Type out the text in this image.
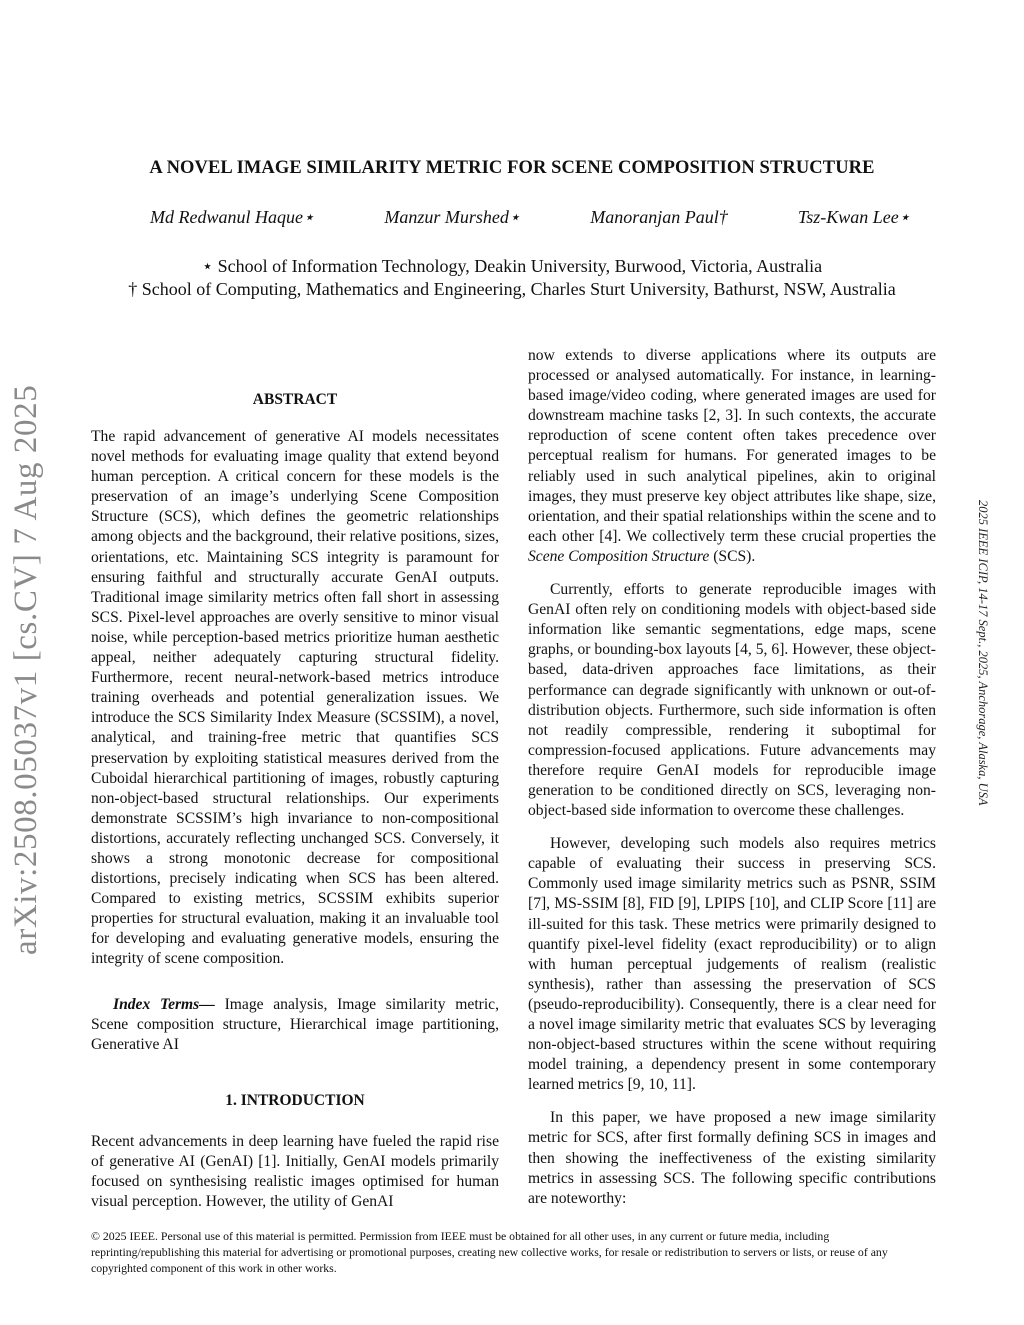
arXiv:2508.05037v1 [cs.CV] 7 Aug 2025	2025 IEEE ICIP, 14-17 Sept., 2025, Anchorage, Alaska, USA
A NOVEL IMAGE SIMILARITY METRIC FOR SCENE COMPOSITION STRUCTURE
Md Redwanul Haque⋆	Manzur Murshed⋆	Manoranjan Paul†	Tsz-Kwan Lee⋆
⋆ School of Information Technology, Deakin University, Burwood, Victoria, Australia
† School of Computing, Mathematics and Engineering, Charles Sturt University, Bathurst, NSW, Australia
ABSTRACT

The rapid advancement of generative AI models necessitates novel methods for evaluating image quality that extend beyond human perception. A critical concern for these models is the preservation of an image’s underlying Scene Composition Structure (SCS), which defines the geometric relationships among objects and the background, their relative positions, sizes, orientations, etc. Maintaining SCS integrity is paramount for ensuring faithful and structurally accurate GenAI outputs. Traditional image similarity metrics often fall short in assessing SCS. Pixel-level approaches are overly sensitive to minor visual noise, while perception-based metrics prioritize human aesthetic appeal, neither adequately capturing structural fidelity. Furthermore, recent neural-network-based metrics introduce training overheads and potential generalization issues. We introduce the SCS Similarity Index Measure (SCSSIM), a novel, analytical, and training-free metric that quantifies SCS preservation by exploiting statistical measures derived from the Cuboidal hierarchical partitioning of images, robustly capturing non-object-based structural relationships. Our experiments demonstrate SCSSIM’s high invariance to non-compositional distortions, accurately reflecting unchanged SCS. Conversely, it shows a strong monotonic decrease for compositional distortions, precisely indicating when SCS has been altered. Compared to existing metrics, SCSSIM exhibits superior properties for structural evaluation, making it an invaluable tool for developing and evaluating generative models, ensuring the integrity of scene composition.

Index Terms— Image analysis, Image similarity metric, Scene composition structure, Hierarchical image partitioning, Generative AI

1. INTRODUCTION

Recent advancements in deep learning have fueled the rapid rise of generative AI (GenAI) [1]. Initially, GenAI models primarily focused on synthesising realistic images optimised for human visual perception. However, the utility of GenAI

now extends to diverse applications where its outputs are processed or analysed automatically. For instance, in learning-based image/video coding, where generated images are used for downstream machine tasks [2, 3]. In such contexts, the accurate reproduction of scene content often takes precedence over perceptual realism for humans. For generated images to be reliably used in such analytical pipelines, akin to original images, they must preserve key object attributes like shape, size, orientation, and their spatial relationships within the scene and to each other [4]. We collectively term these crucial properties the Scene Composition Structure (SCS).

Currently, efforts to generate reproducible images with GenAI often rely on conditioning models with object-based side information like semantic segmentations, edge maps, scene graphs, or bounding-box layouts [4, 5, 6]. However, these object-based, data-driven approaches face limitations, as their performance can degrade significantly with unknown or out-of-distribution objects. Furthermore, such side information is often not readily compressible, rendering it suboptimal for compression-focused applications. Future advancements may therefore require GenAI models for reproducible image generation to be conditioned directly on SCS, leveraging non-object-based side information to overcome these challenges.

However, developing such models also requires metrics capable of evaluating their success in preserving SCS. Commonly used image similarity metrics such as PSNR, SSIM [7], MS-SSIM [8], FID [9], LPIPS [10], and CLIP Score [11] are ill-suited for this task. These metrics were primarily designed to quantify pixel-level fidelity (exact reproducibility) or to align with human perceptual judgements of realism (realistic synthesis), rather than assessing the preservation of SCS (pseudo-reproducibility). Consequently, there is a clear need for a novel image similarity metric that evaluates SCS by leveraging non-object-based structures within the scene without requiring model training, a dependency present in some contemporary learned metrics [9, 10, 11].

In this paper, we have proposed a new image similarity metric for SCS, after first formally defining SCS in images and then showing the ineffectiveness of the existing similarity metrics in assessing SCS. The following specific contributions are noteworthy:

© 2025 IEEE. Personal use of this material is permitted. Permission from IEEE must be obtained for all other uses, in any current or future media, including reprinting/republishing this material for advertising or promotional purposes, creating new collective works, for resale or redistribution to servers or lists, or reuse of any copyrighted component of this work in other works.
